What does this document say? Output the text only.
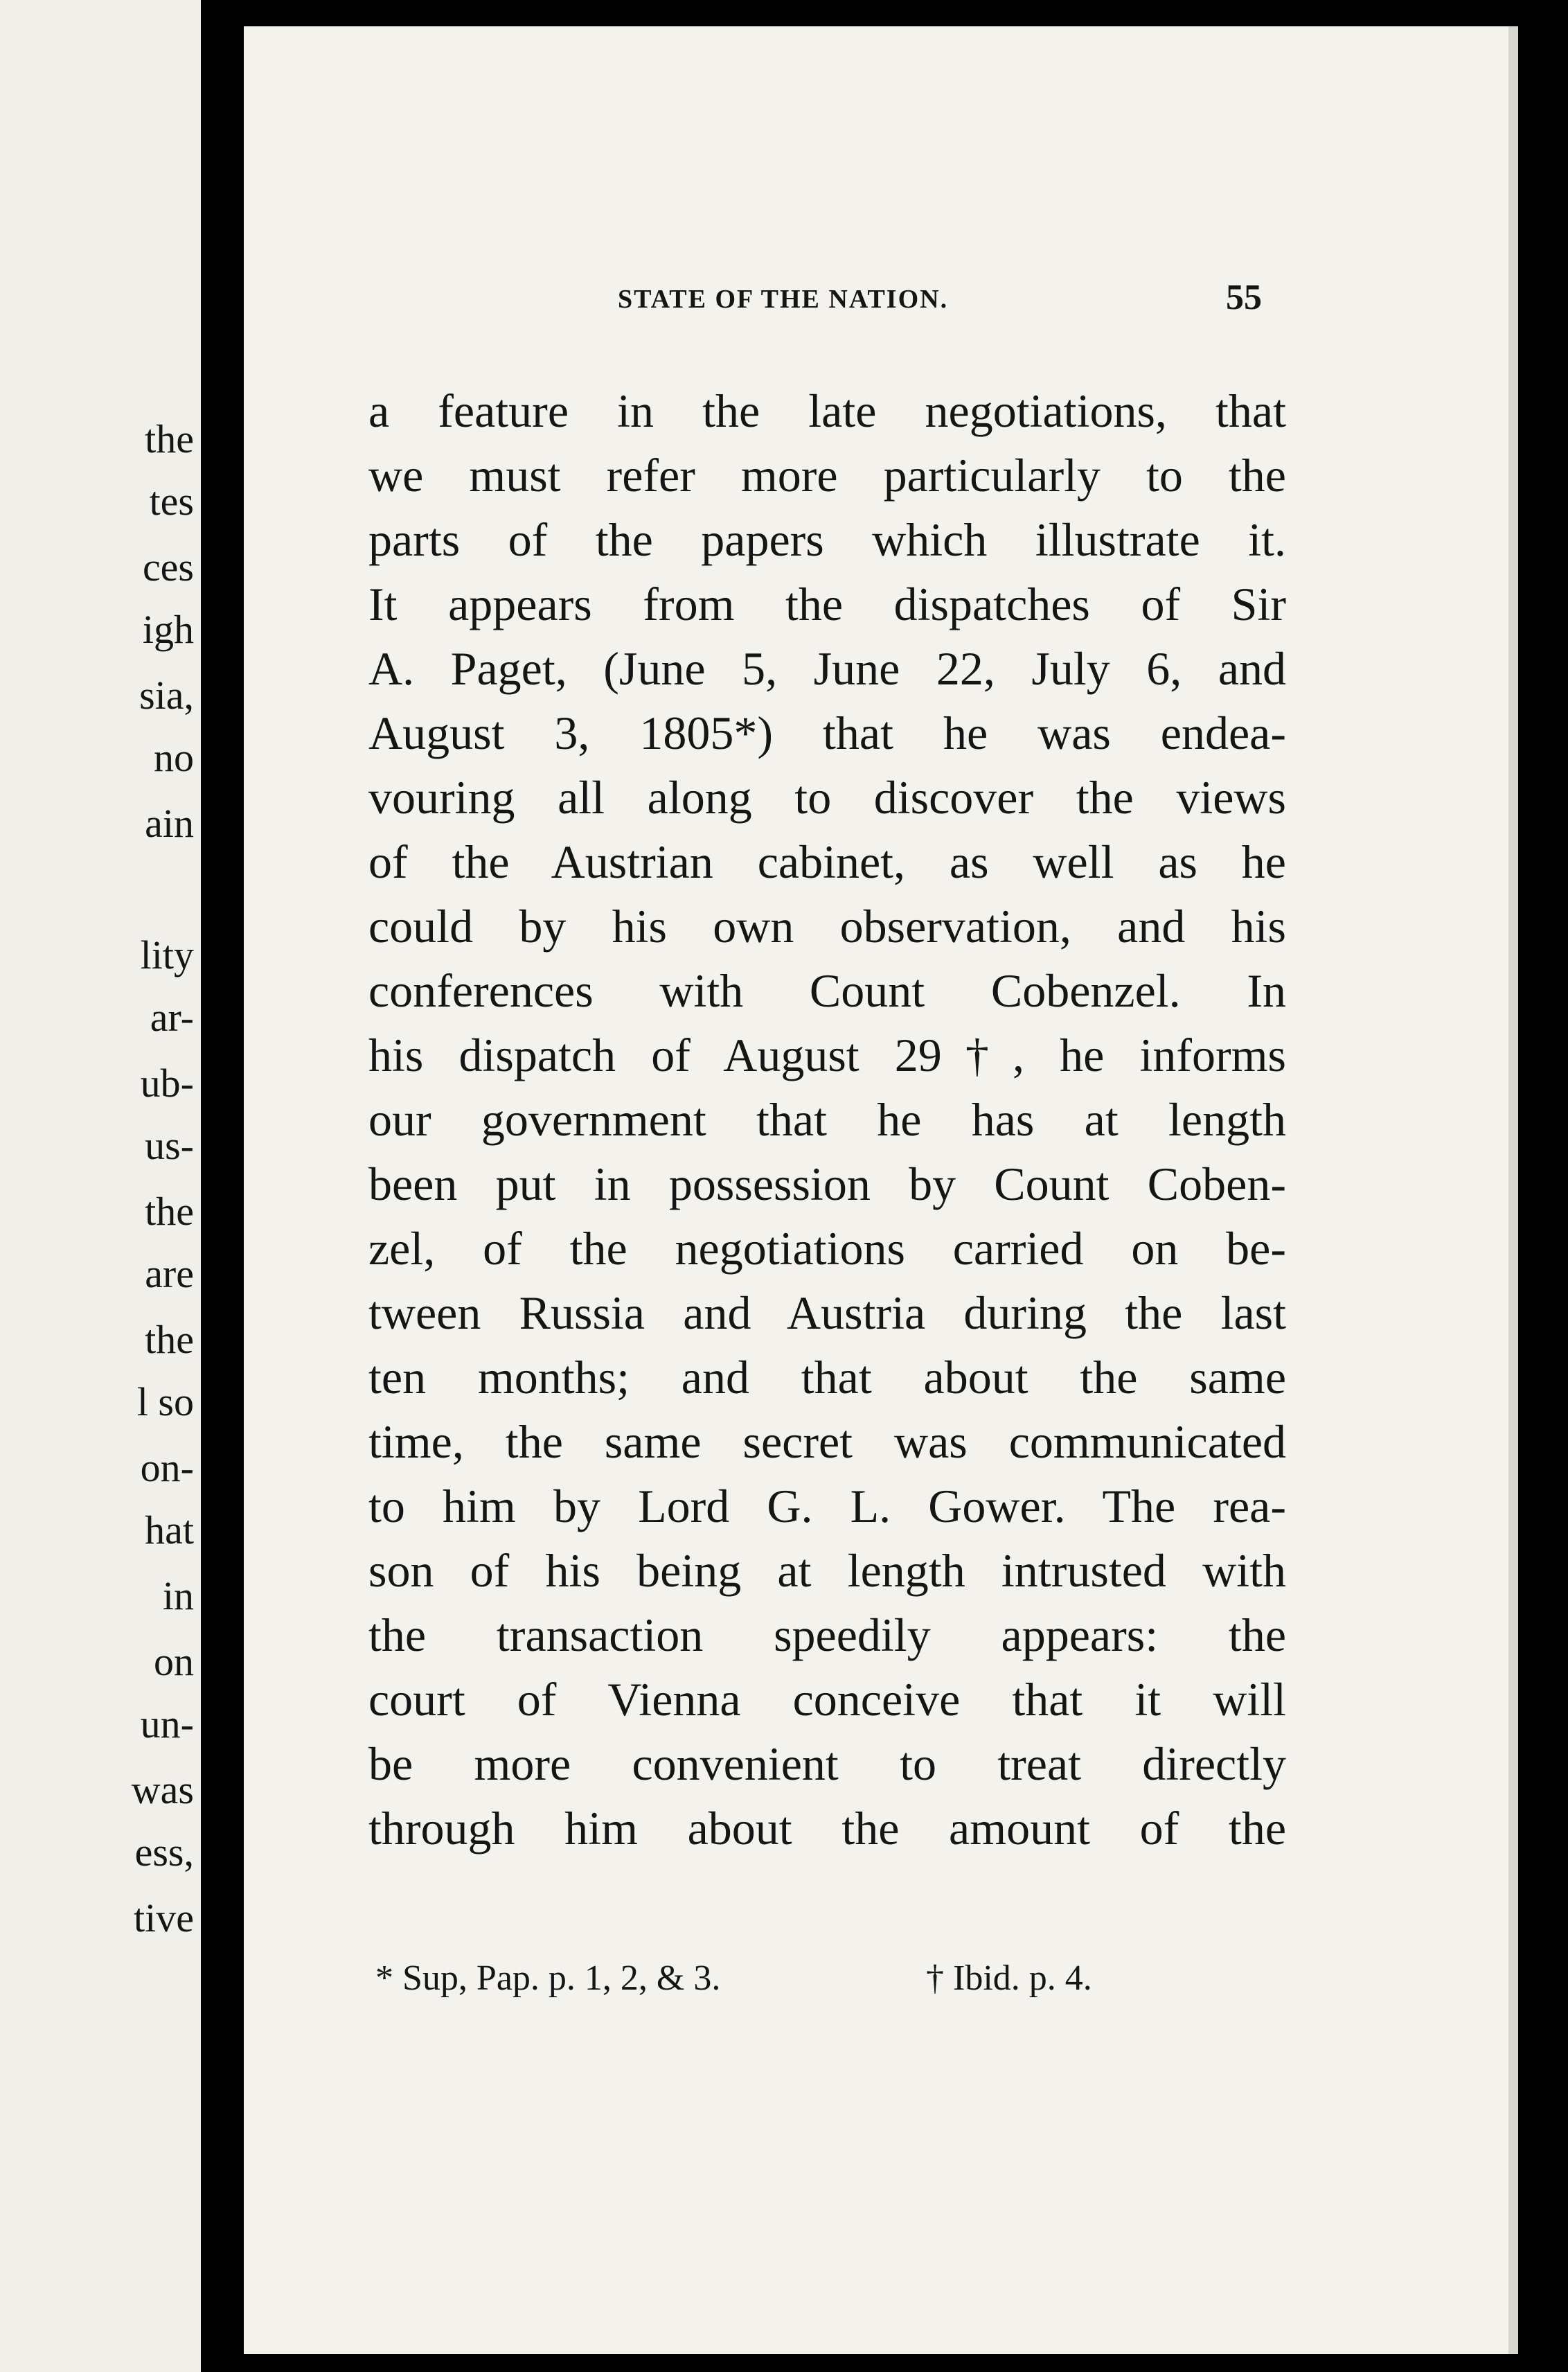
the
tes
ces
igh
sia,
no
ain
lity
ar-
ub-
us-
the
are
the
l so
on-
hat
in
on
un-
was
ess,
tive
STATE OF THE NATION.	55
a feature in the late negotiations, that
we must refer more particularly to the
parts of the papers which illustrate it.
It appears from the dispatches of Sir
A. Paget, (June 5, June 22, July 6, and
August 3, 1805*) that he was endea-
vouring all along to discover the views
of the Austrian cabinet, as well as he
could by his own observation, and his
conferences with Count Cobenzel. In
his dispatch of August 29†, he informs
our government that he has at length
been put in possession by Count Coben-
zel, of the negotiations carried on be-
tween Russia and Austria during the last
ten months; and that about the same
time, the same secret was communicated
to him by Lord G. L. Gower. The rea-
son of his being at length intrusted with
the transaction speedily appears: the
court of Vienna conceive that it will
be more convenient to treat directly
through him about the amount of the
* Sup, Pap. p. 1, 2, & 3.	† Ibid. p. 4.
